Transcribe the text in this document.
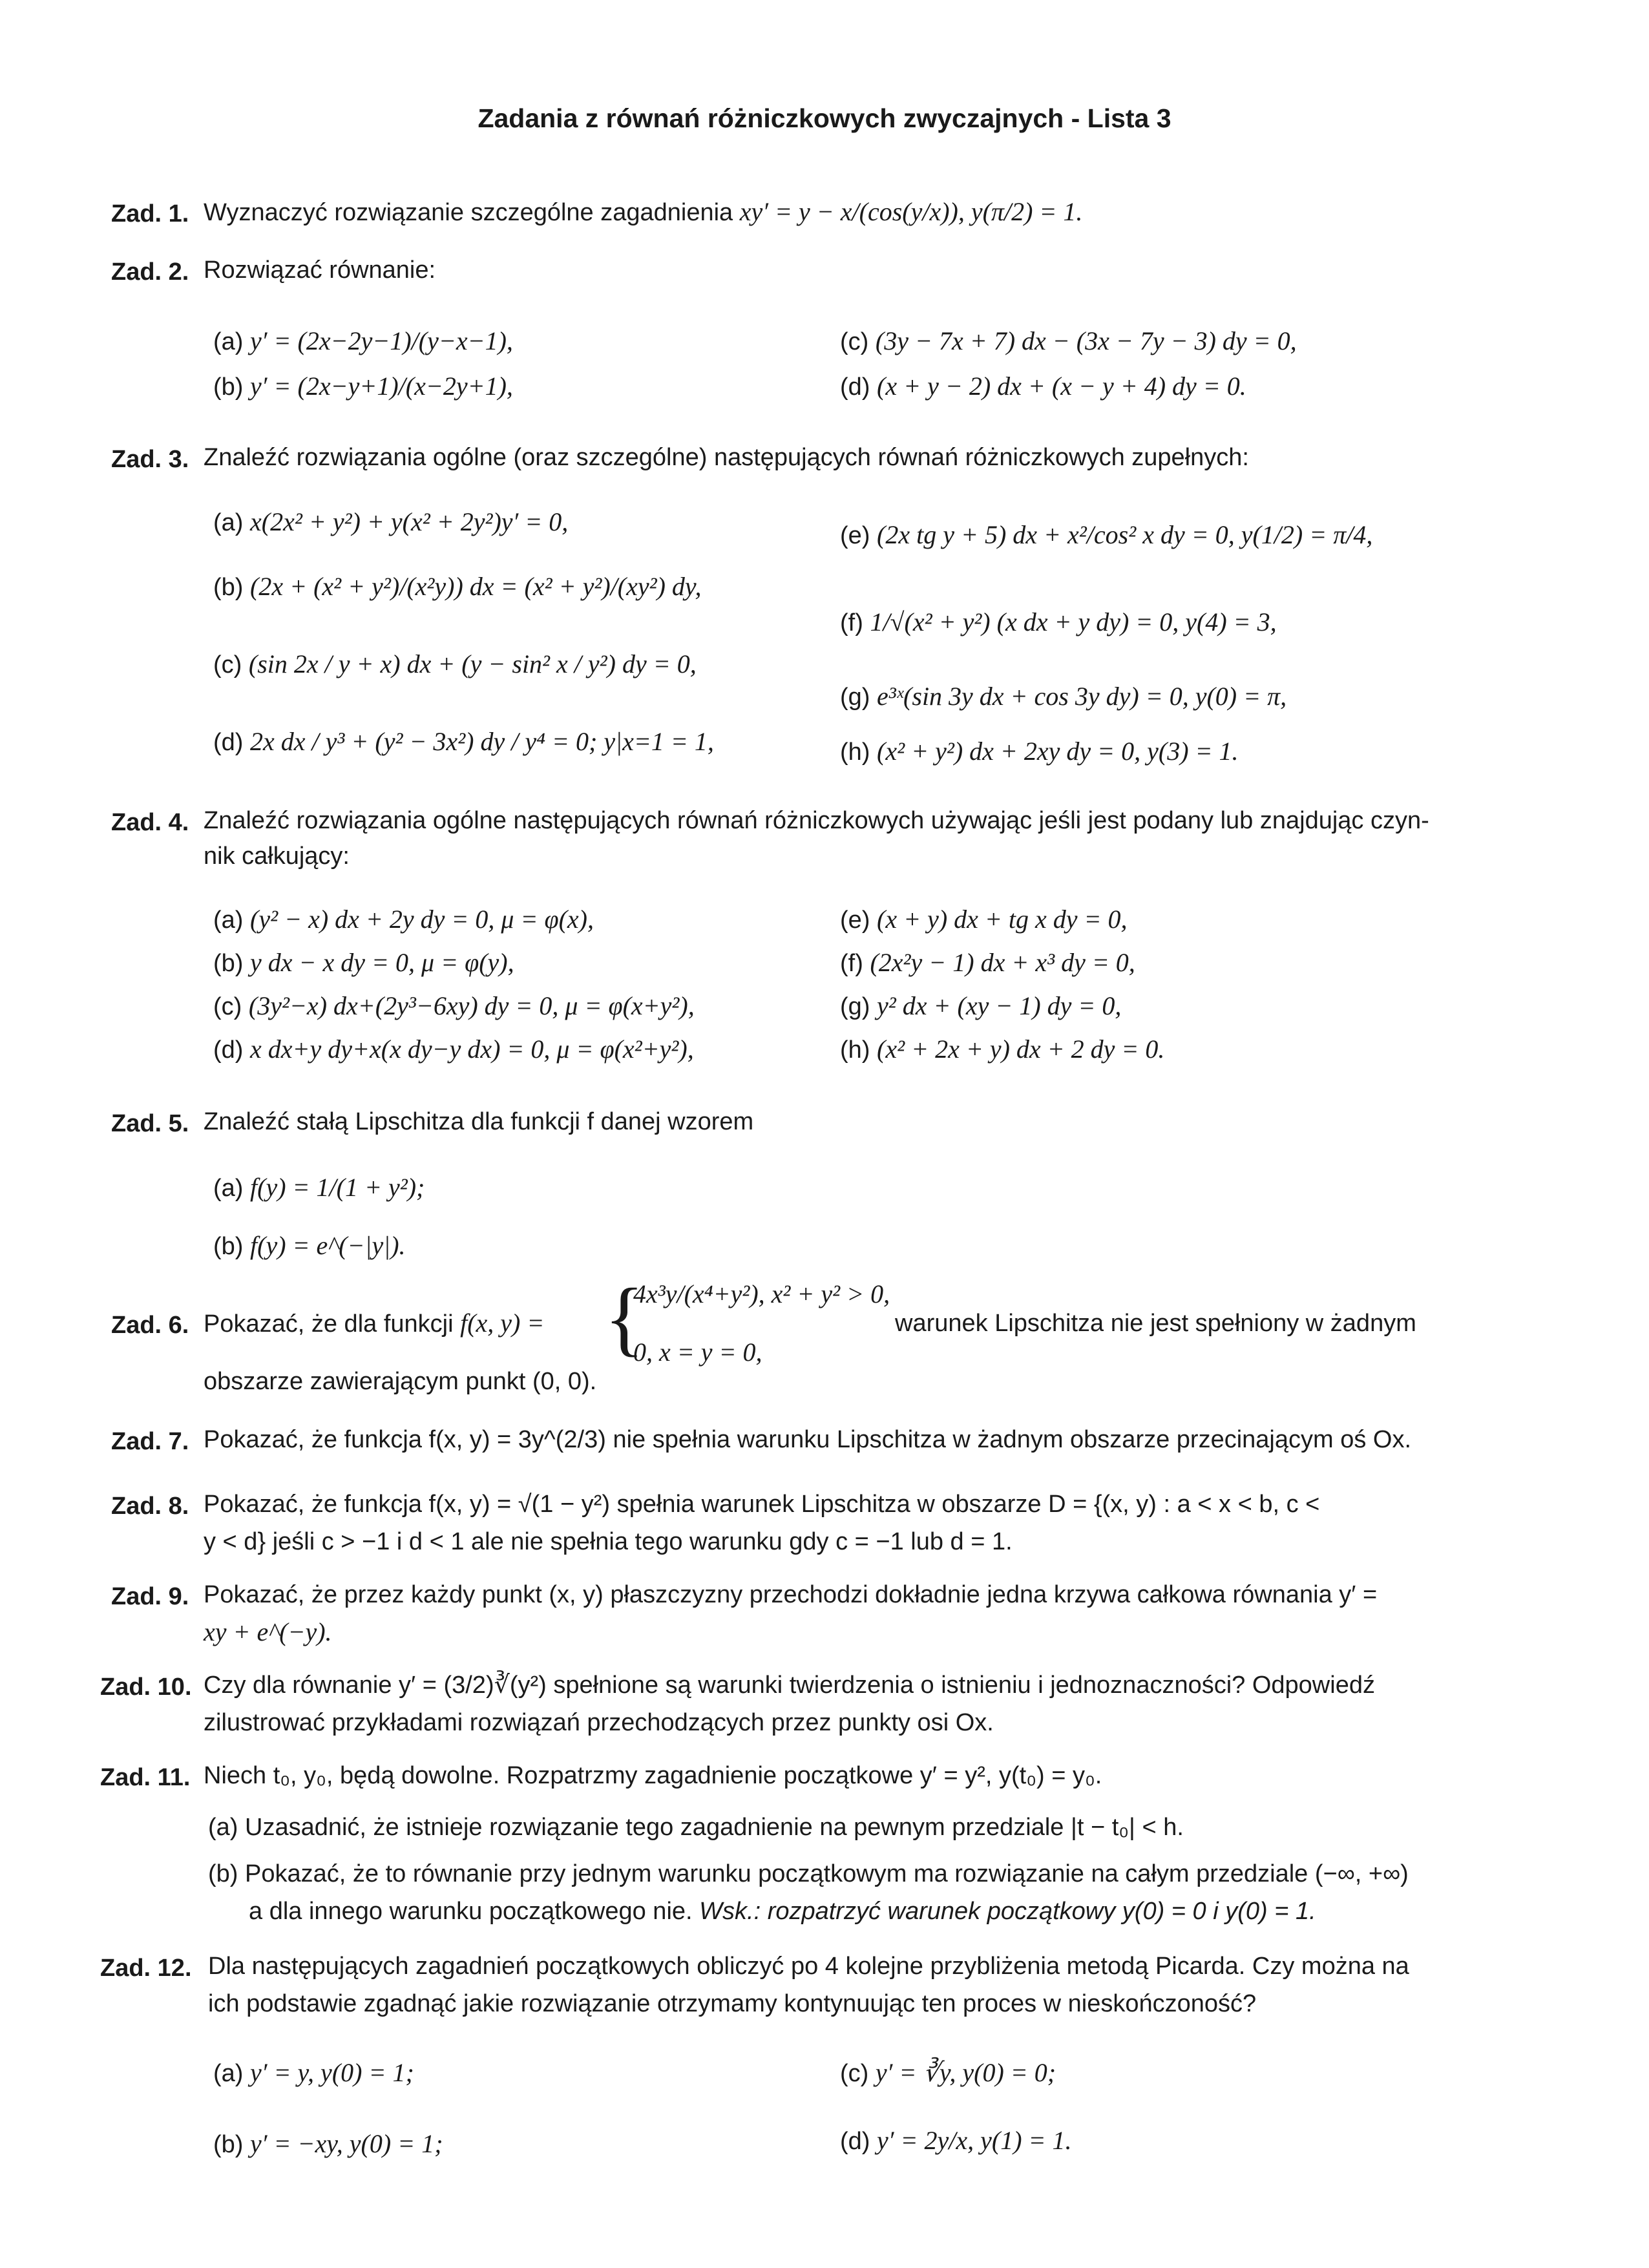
Zadania z równań różniczkowych zwyczajnych - Lista 3
Zad. 1. Wyznaczyć rozwiązanie szczególne zagadnienia xy′ = y − x/(cos(y/x)), y(π/2) = 1.
Zad. 2. Rozwiązać równanie:
(a) y′ = (2x−2y−1)/(y−x−1),
(b) y′ = (2x−y+1)/(x−2y+1),
(c) (3y − 7x + 7) dx − (3x − 7y − 3) dy = 0,
(d) (x + y − 2) dx + (x − y + 4) dy = 0.
Zad. 3. Znaleźć rozwiązania ogólne (oraz szczególne) następujących równań różniczkowych zupełnych:
(a) x(2x² + y²) + y(x² + 2y²)y′ = 0,
(b) (2x + (x² + y²)/(x²y)) dx = (x² + y²)/(xy²) dy,
(c) (sin 2x / y + x) dx + (y − sin² x / y²) dy = 0,
(d) 2x dx / y³ + (y² − 3x²) dy / y⁴ = 0; y|x=1 = 1,
(e) (2x tg y + 5) dx + x²/cos² x dy = 0, y(1/2) = π/4,
(f) 1/√(x² + y²) (x dx + y dy) = 0, y(4) = 3,
(g) e³ˣ(sin 3y dx + cos 3y dy) = 0, y(0) = π,
(h) (x² + y²) dx + 2xy dy = 0, y(3) = 1.
Zad. 4. Znaleźć rozwiązania ogólne następujących równań różniczkowych używając jeśli jest podany lub znajdując czyn-
nik całkujący:
(a) (y² − x) dx + 2y dy = 0, μ = φ(x),
(b) y dx − x dy = 0, μ = φ(y),
(c) (3y²−x) dx+(2y³−6xy) dy = 0, μ = φ(x+y²),
(d) x dx+y dy+x(x dy−y dx) = 0, μ = φ(x²+y²),
(e) (x + y) dx + tg x dy = 0,
(f) (2x²y − 1) dx + x³ dy = 0,
(g) y² dx + (xy − 1) dy = 0,
(h) (x² + 2x + y) dx + 2 dy = 0.
Zad. 5. Znaleźć stałą Lipschitza dla funkcji f danej wzorem
(a) f(y) = 1/(1 + y²);
(b) f(y) = e^(−|y|).
Zad. 6. Pokazać, że dla funkcji f(x, y) = {
4x³y/(x⁴+y²), x² + y² > 0,
0, x = y = 0,
warunek Lipschitza nie jest spełniony w żadnym
obszarze zawierającym punkt (0, 0).
Zad. 7. Pokazać, że funkcja f(x, y) = 3y^(2/3) nie spełnia warunku Lipschitza w żadnym obszarze przecinającym oś Ox.
Zad. 8. Pokazać, że funkcja f(x, y) = √(1 − y²) spełnia warunek Lipschitza w obszarze D = {(x, y) : a < x < b, c <
y < d} jeśli c > −1 i d < 1 ale nie spełnia tego warunku gdy c = −1 lub d = 1.
Zad. 9. Pokazać, że przez każdy punkt (x, y) płaszczyzny przechodzi dokładnie jedna krzywa całkowa równania y′ =
xy + e^(−y).
Zad. 10. Czy dla równanie y′ = (3/2)∛(y²) spełnione są warunki twierdzenia o istnieniu i jednoznaczności? Odpowiedź
zilustrować przykładami rozwiązań przechodzących przez punkty osi Ox.
Zad. 11. Niech t₀, y₀, będą dowolne. Rozpatrzmy zagadnienie początkowe y′ = y², y(t₀) = y₀.
(a) Uzasadnić, że istnieje rozwiązanie tego zagadnienie na pewnym przedziale |t − t₀| < h.
(b) Pokazać, że to równanie przy jednym warunku początkowym ma rozwiązanie na całym przedziale (−∞, +∞)
a dla innego warunku początkowego nie. Wsk.: rozpatrzyć warunek początkowy y(0) = 0 i y(0) = 1.
Zad. 12. Dla następujących zagadnień początkowych obliczyć po 4 kolejne przybliżenia metodą Picarda. Czy można na
ich podstawie zgadnąć jakie rozwiązanie otrzymamy kontynuując ten proces w nieskończoność?
(a) y′ = y, y(0) = 1;
(b) y′ = −xy, y(0) = 1;
(c) y′ = ∛y, y(0) = 0;
(d) y′ = 2y/x, y(1) = 1.
